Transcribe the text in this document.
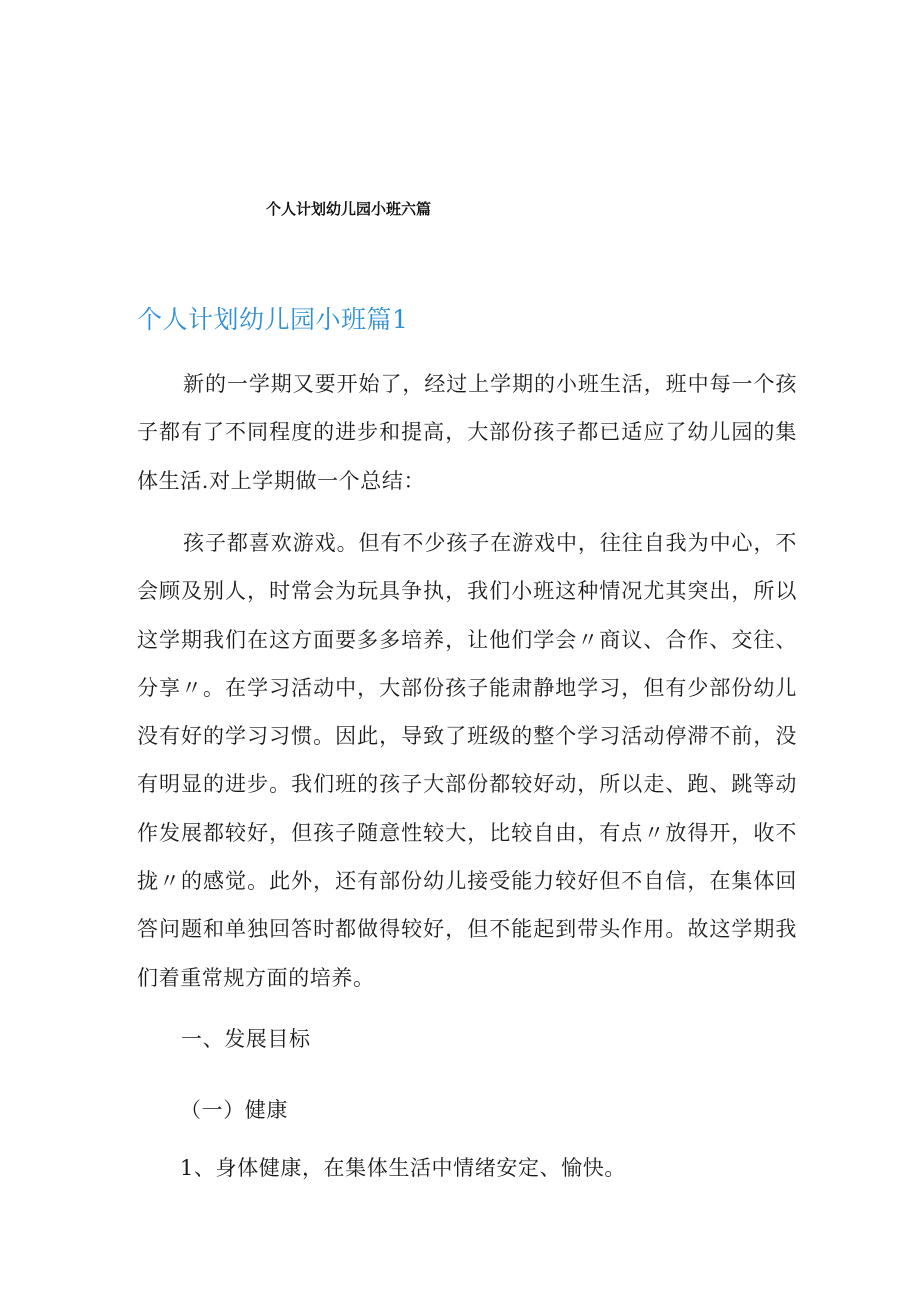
个人计划幼儿园小班六篇
个人计划幼儿园小班篇1

新的一学期又要开始了，经过上学期的小班生活，班中每一个孩子都有了不同程度的进步和提高，大部份孩子都已适应了幼儿园的集体生活.对上学期做一个总结：

孩子都喜欢游戏。但有不少孩子在游戏中，往往自我为中心，不会顾及别人，时常会为玩具争执，我们小班这种情况尤其突出，所以这学期我们在这方面要多多培养，让他们学会〃商议、合作、交往、分享〃。在学习活动中，大部份孩子能肃静地学习，但有少部份幼儿没有好的学习习惯。因此，导致了班级的整个学习活动停滞不前，没有明显的进步。我们班的孩子大部份都较好动，所以走、跑、跳等动作发展都较好，但孩子随意性较大，比较自由，有点〃放得开，收不拢〃的感觉。此外，还有部份幼儿接受能力较好但不自信，在集体回答问题和单独回答时都做得较好，但不能起到带头作用。故这学期我们着重常规方面的培养。

一、发展目标

（一）健康

1、身体健康，在集体生活中情绪安定、愉快。
